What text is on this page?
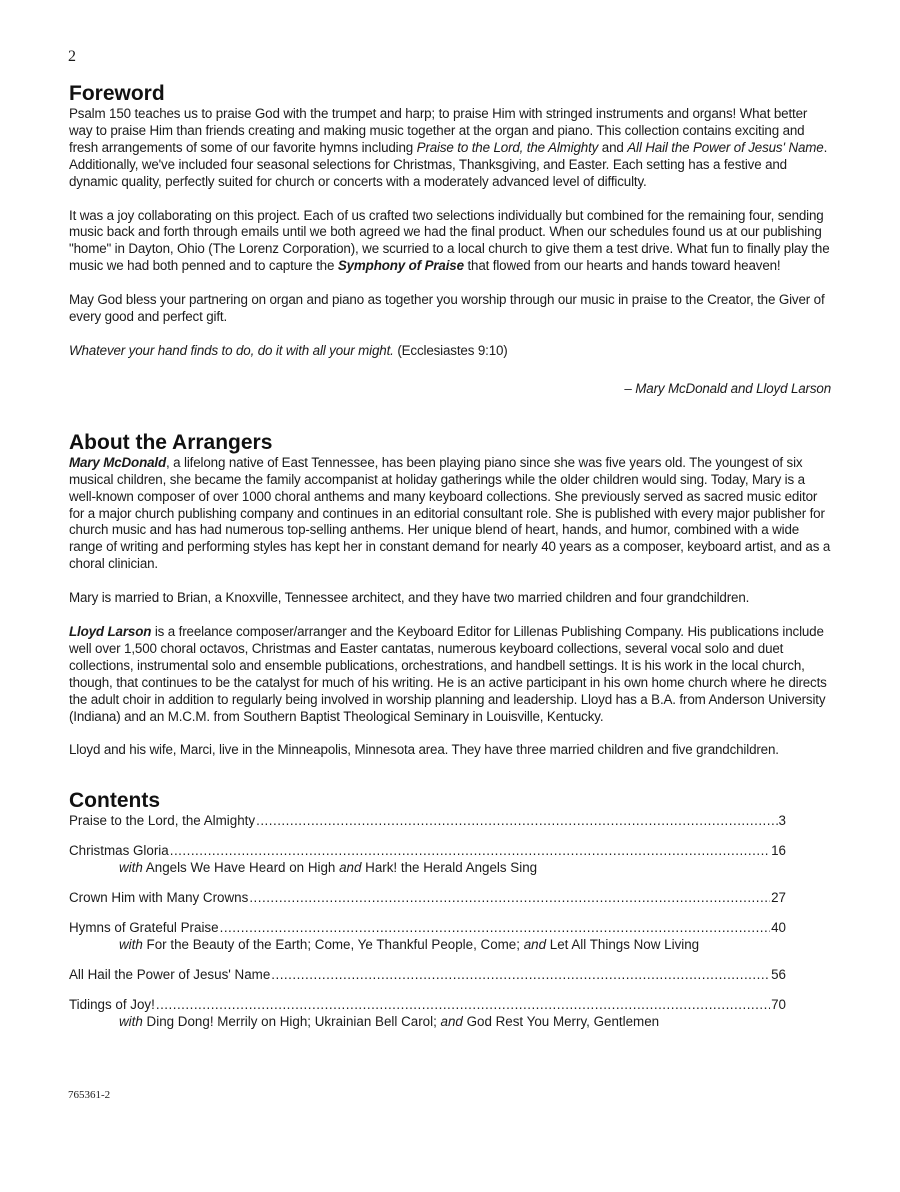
2
Foreword

Psalm 150 teaches us to praise God with the trumpet and harp; to praise Him with stringed instruments and organs! What better way to praise Him than friends creating and making music together at the organ and piano. This collection contains exciting and fresh arrangements of some of our favorite hymns including Praise to the Lord, the Almighty and All Hail the Power of Jesus' Name. Additionally, we've included four seasonal selections for Christmas, Thanksgiving, and Easter. Each setting has a festive and dynamic quality, perfectly suited for church or concerts with a moderately advanced level of difficulty.

It was a joy collaborating on this project. Each of us crafted two selections individually but combined for the remaining four, sending music back and forth through emails until we both agreed we had the final product. When our schedules found us at our publishing "home" in Dayton, Ohio (The Lorenz Corporation), we scurried to a local church to give them a test drive. What fun to finally play the music we had both penned and to capture the Symphony of Praise that flowed from our hearts and hands toward heaven!

May God bless your partnering on organ and piano as together you worship through our music in praise to the Creator, the Giver of every good and perfect gift.

Whatever your hand finds to do, do it with all your might. (Ecclesiastes 9:10)

– Mary McDonald and Lloyd Larson

About the Arrangers

Mary McDonald, a lifelong native of East Tennessee, has been playing piano since she was five years old. The youngest of six musical children, she became the family accompanist at holiday gatherings while the older children would sing. Today, Mary is a well-known composer of over 1000 choral anthems and many keyboard collections. She previously served as sacred music editor for a major church publishing company and continues in an editorial consultant role. She is published with every major publisher for church music and has had numerous top-selling anthems. Her unique blend of heart, hands, and humor, combined with a wide range of writing and performing styles has kept her in constant demand for nearly 40 years as a composer, keyboard artist, and as a choral clinician.

Mary is married to Brian, a Knoxville, Tennessee architect, and they have two married children and four grandchildren.

Lloyd Larson is a freelance composer/arranger and the Keyboard Editor for Lillenas Publishing Company. His publications include well over 1,500 choral octavos, Christmas and Easter cantatas, numerous keyboard collections, several vocal solo and duet collections, instrumental solo and ensemble publications, orchestrations, and handbell settings. It is his work in the local church, though, that continues to be the catalyst for much of his writing. He is an active participant in his own home church where he directs the adult choir in addition to regularly being involved in worship planning and leadership. Lloyd has a B.A. from Anderson University (Indiana) and an M.C.M. from Southern Baptist Theological Seminary in Louisville, Kentucky.

Lloyd and his wife, Marci, live in the Minneapolis, Minnesota area. They have three married children and five grandchildren.

Contents
Praise to the Lord, the Almighty .....	3
Christmas Gloria .....	16
with Angels We Have Heard on High and Hark! the Herald Angels Sing
Crown Him with Many Crowns .....	27
Hymns of Grateful Praise .....	40
with For the Beauty of the Earth; Come, Ye Thankful People, Come; and Let All Things Now Living
All Hail the Power of Jesus' Name .....	56
Tidings of Joy! .....	70
with Ding Dong! Merrily on High; Ukrainian Bell Carol; and God Rest You Merry, Gentlemen
765361-2
